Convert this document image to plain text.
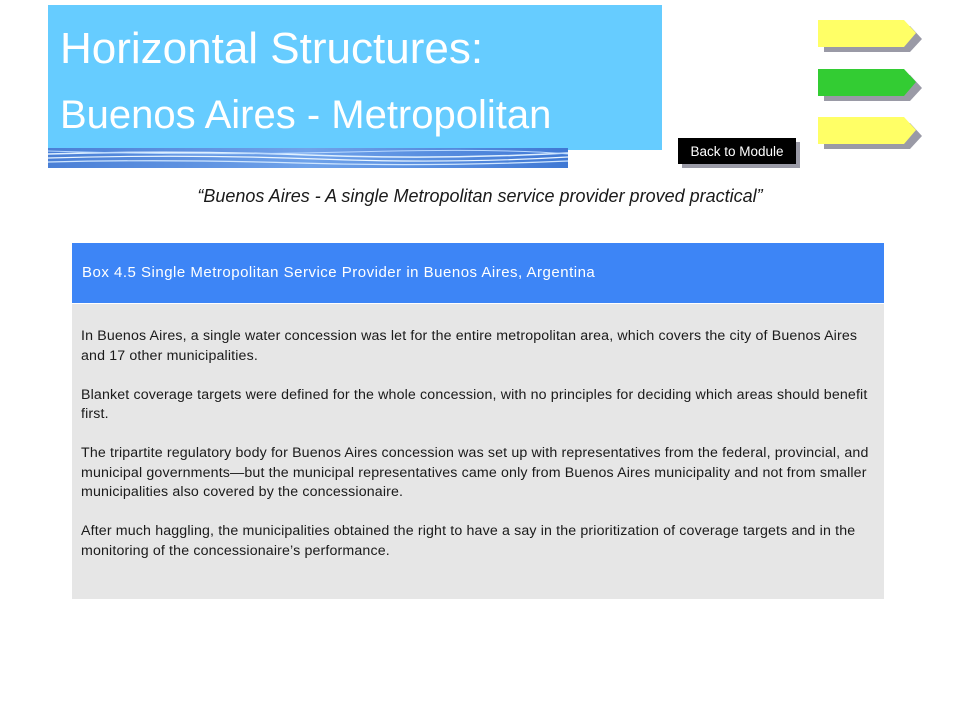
Horizontal Structures:
Buenos Aires - Metropolitan
Back to Module
“Buenos Aires - A single Metropolitan service provider proved practical”
Box 4.5 Single Metropolitan Service Provider in Buenos Aires, Argentina

In Buenos Aires, a single water concession was let for the entire metropolitan area, which covers the city of Buenos Aires and 17 other municipalities.

Blanket coverage targets were defined for the whole concession, with no principles for deciding which areas should benefit first.

The tripartite regulatory body for Buenos Aires concession was set up with representatives from the federal, provincial, and municipal governments—but the municipal representatives came only from Buenos Aires municipality and not from smaller municipalities also covered by the concessionaire.

After much haggling, the municipalities obtained the right to have a say in the prioritization of coverage targets and in the monitoring of the concessionaire’s performance.
